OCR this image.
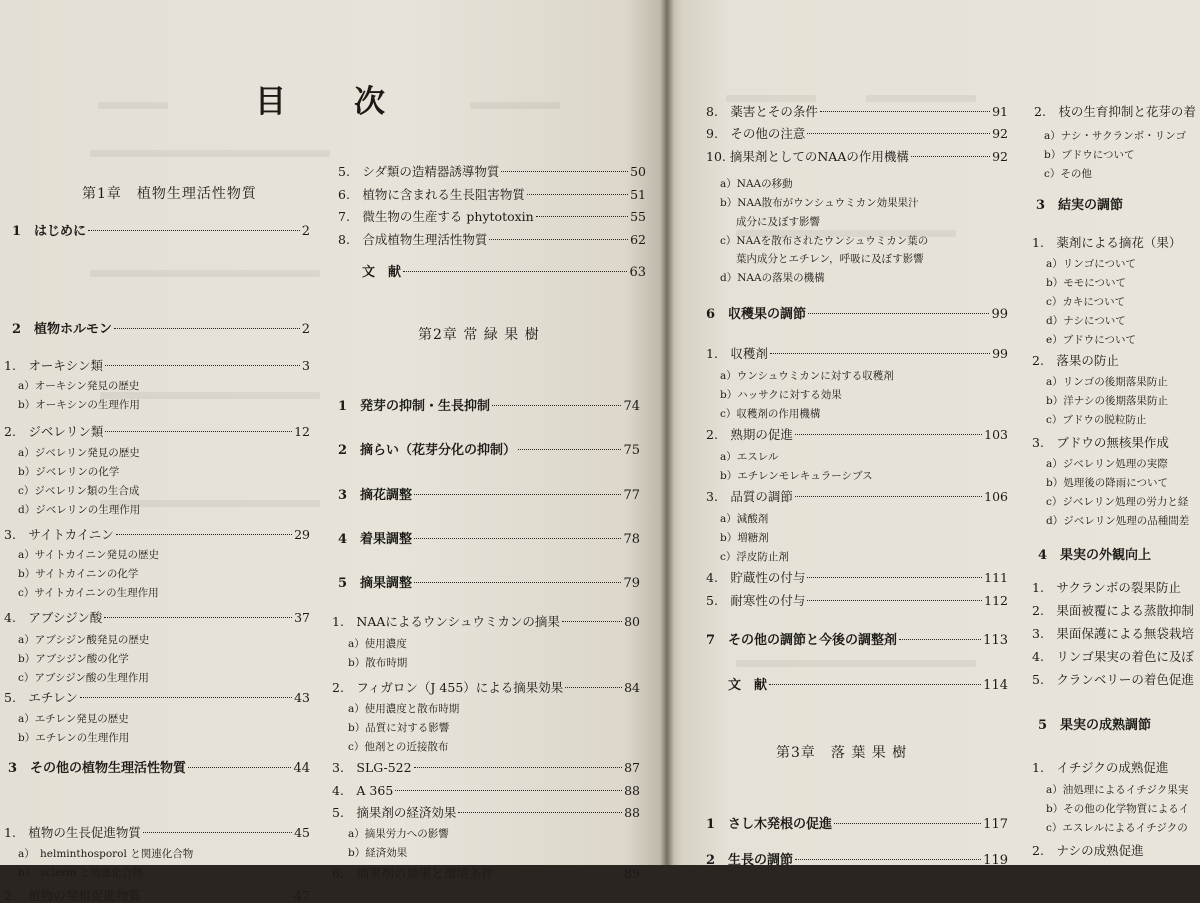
目次
第1章　植物生理活性物質
第2章 常 緑 果 樹
1　はじめに	2
2　植物ホルモン	2
1.　オーキシン類	3
a）オーキシン発見の歴史
b）オーキシンの生理作用
2.　ジベレリン類	12
a）ジベレリン発見の歴史
b）ジベレリンの化学
c）ジベレリン類の生合成
d）ジベレリンの生理作用
3.　サイトカイニン	29
a）サイトカイニン発見の歴史
b）サイトカイニンの化学
c）サイトカイニンの生理作用
4.　アブシジン酸	37
a）アブシジン酸発見の歴史
b）アブシジン酸の化学
c）アブシジン酸の生理作用
5.　エチレン	43
a）エチレン発見の歴史
b）エチレンの生理作用
3　その他の植物生理活性物質	44
1.　植物の生長促進物質	45
a）　helminthosporol と関連化合物
b）　sclerin と関連化合物
2.　植物の発根促進物質	47
5.　シダ類の造精器誘導物質	50
6.　植物に含まれる生長阻害物質	51
7.　微生物の生産する phytotoxin	55
8.　合成植物生理活性物質	62
文　献	63
1　発芽の抑制・生長抑制	74
2　摘らい（花芽分化の抑制）	75
3　摘花調整	77
4　着果調整	78
5　摘果調整	79
1.　NAAによるウンシュウミカンの摘果	80
a）使用濃度
b）散布時期
2.　フィガロン（J 455）による摘果効果	84
a）使用濃度と散布時期
b）品質に対する影響
c）他剤との近接散布
3.　SLG-522	87
4.　A 365	88
5.　摘果剤の経済効果	88
a）摘果労力への影響
b）経済効果
6.　摘果剤の効果と環境条件	89
第3章　落 葉 果 樹
8.　薬害とその条件	91
9.　その他の注意	92
10. 摘果剤としてのNAAの作用機構	92
a）NAAの移動
b）NAA散布がウンシュウミカン効果果汁
成分に及ぼす影響
c）NAAを散布されたウンシュウミカン葉の
葉内成分とエチレン，呼吸に及ぼす影響
d）NAAの落果の機構
6　収穫果の調節	99
1.　収穫剤	99
a）ウンシュウミカンに対する収穫剤
b）ハッサクに対する効果
c）収穫剤の作用機構
2.　熟期の促進	103
a）エスレル
b）エチレンモレキュラーシブス
3.　品質の調節	106
a）減酸剤
b）増糖剤
c）浮皮防止剤
4.　貯蔵性の付与	111
5.　耐寒性の付与	112
7　その他の調節と今後の調整剤	113
文　献	114
1　さし木発根の促進	117
2　生長の調節	119
2.　枝の生育抑制と花芽の着
a）ナシ・サクランボ・リンゴ
b）ブドウについて
c）その他
3　結実の調節
1.　薬剤による摘花（果）
a）リンゴについて
b）モモについて
c）カキについて
d）ナシについて
e）ブドウについて
2.　落果の防止
a）リンゴの後期落果防止
b）洋ナシの後期落果防止
c）ブドウの脱粒防止
3.　ブドウの無核果作成
a）ジベレリン処理の実際
b）処理後の降雨について
c）ジベレリン処理の労力と経
d）ジベレリン処理の品種間差
4　果実の外観向上
1.　サクランボの裂果防止
2.　果面被覆による蒸散抑制
3.　果面保護による無袋栽培
4.　リンゴ果実の着色に及ぼ
5.　クランベリーの着色促進
5　果実の成熟調節
1.　イチジクの成熟促進
a）油処理によるイチジク果実
b）その他の化学物質によるイ
c）エスレルによるイチジクの
2.　ナシの成熟促進
